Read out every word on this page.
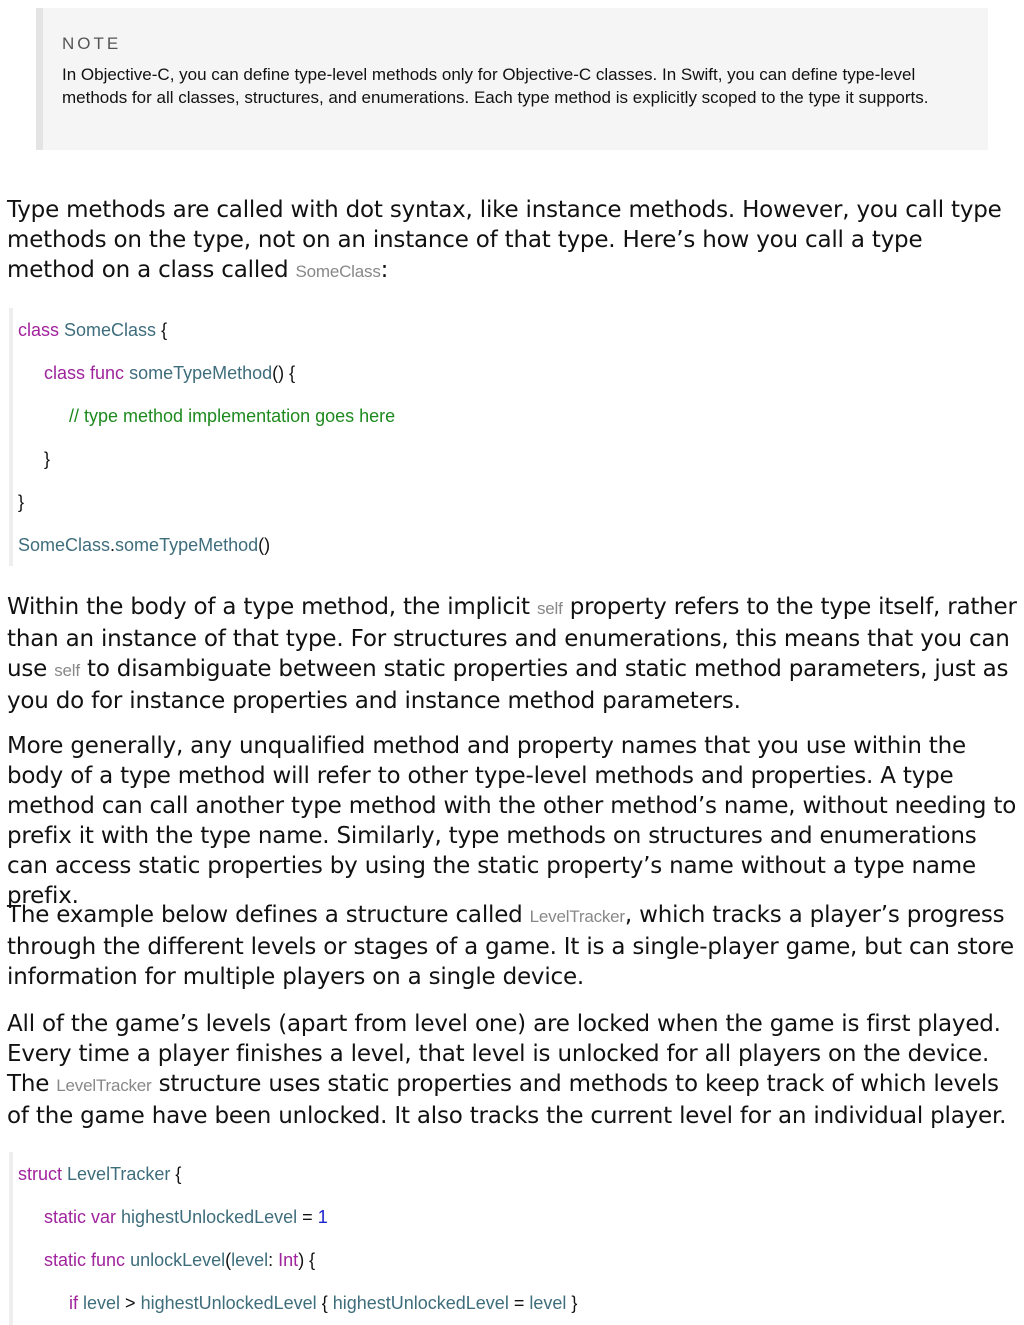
NOTE
In Objective-C, you can define type-level methods only for Objective-C classes. In Swift, you can define type-level methods for all classes, structures, and enumerations. Each type method is explicitly scoped to the type it supports.
Type methods are called with dot syntax, like instance methods. However, you call type methods on the type, not on an instance of that type. Here’s how you call a type method on a class called SomeClass:
class SomeClass {
class func someTypeMethod() {
// type method implementation goes here
}
}
SomeClass.someTypeMethod()
Within the body of a type method, the implicit self property refers to the type itself, rather than an instance of that type. For structures and enumerations, this means that you can use self to disambiguate between static properties and static method parameters, just as you do for instance properties and instance method parameters.
More generally, any unqualified method and property names that you use within the body of a type method will refer to other type-level methods and properties. A type method can call another type method with the other method’s name, without needing to prefix it with the type name. Similarly, type methods on structures and enumerations can access static properties by using the static property’s name without a type name prefix.
The example below defines a structure called LevelTracker, which tracks a player’s progress through the different levels or stages of a game. It is a single-player game, but can store information for multiple players on a single device.
All of the game’s levels (apart from level one) are locked when the game is first played. Every time a player finishes a level, that level is unlocked for all players on the device. The LevelTracker structure uses static properties and methods to keep track of which levels of the game have been unlocked. It also tracks the current level for an individual player.
struct LevelTracker {
static var highestUnlockedLevel = 1
static func unlockLevel(level: Int) {
if level > highestUnlockedLevel { highestUnlockedLevel = level }
